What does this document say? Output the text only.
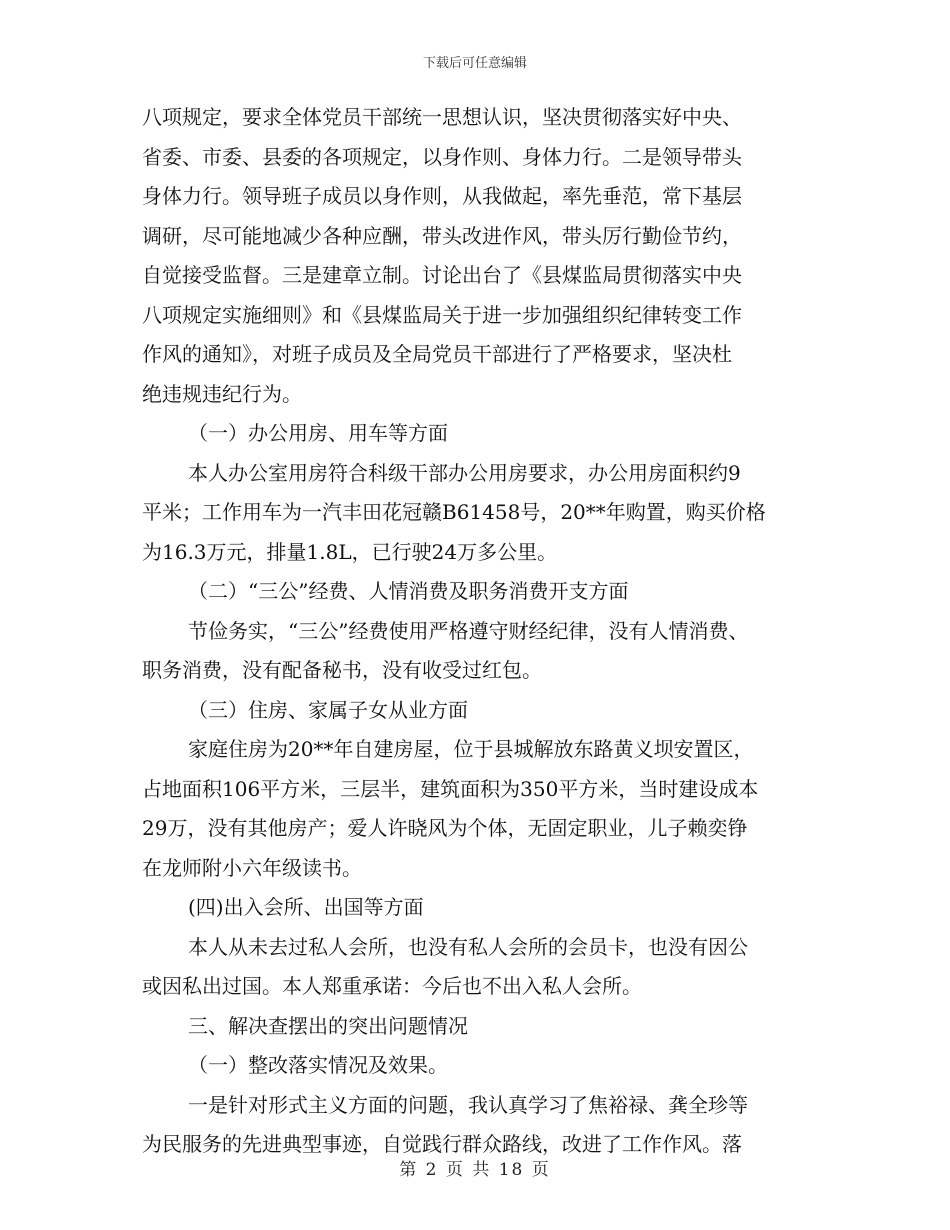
下载后可任意编辑
八项规定，要求全体党员干部统一思想认识，坚决贯彻落实好中央、
省委、市委、县委的各项规定，以身作则、身体力行。二是领导带头
身体力行。领导班子成员以身作则，从我做起，率先垂范，常下基层
调研，尽可能地减少各种应酬，带头改进作风，带头厉行勤俭节约，
自觉接受监督。三是建章立制。讨论出台了《县煤监局贯彻落实中央
八项规定实施细则》和《县煤监局关于进一步加强组织纪律转变工作
作风的通知》，对班子成员及全局党员干部进行了严格要求，坚决杜
绝违规违纪行为。
（一）办公用房、用车等方面
本人办公室用房符合科级干部办公用房要求，办公用房面积约9
平米；工作用车为一汽丰田花冠赣B61458号，20**年购置，购买价格
为16.3万元，排量1.8L，已行驶24万多公里。
（二）“三公”经费、人情消费及职务消费开支方面
节俭务实，“三公”经费使用严格遵守财经纪律，没有人情消费、
职务消费，没有配备秘书，没有收受过红包。
（三）住房、家属子女从业方面
家庭住房为20**年自建房屋，位于县城解放东路黄义坝安置区，
占地面积106平方米，三层半，建筑面积为350平方米，当时建设成本
29万，没有其他房产；爱人许晓风为个体，无固定职业，儿子赖奕铮
在龙师附小六年级读书。
(四)出入会所、出国等方面
本人从未去过私人会所，也没有私人会所的会员卡，也没有因公
或因私出过国。本人郑重承诺：今后也不出入私人会所。
三、解决查摆出的突出问题情况
（一）整改落实情况及效果。
一是针对形式主义方面的问题，我认真学习了焦裕禄、龚全珍等
为民服务的先进典型事迹，自觉践行群众路线，改进了工作作风。落
第 2 页 共 18 页
